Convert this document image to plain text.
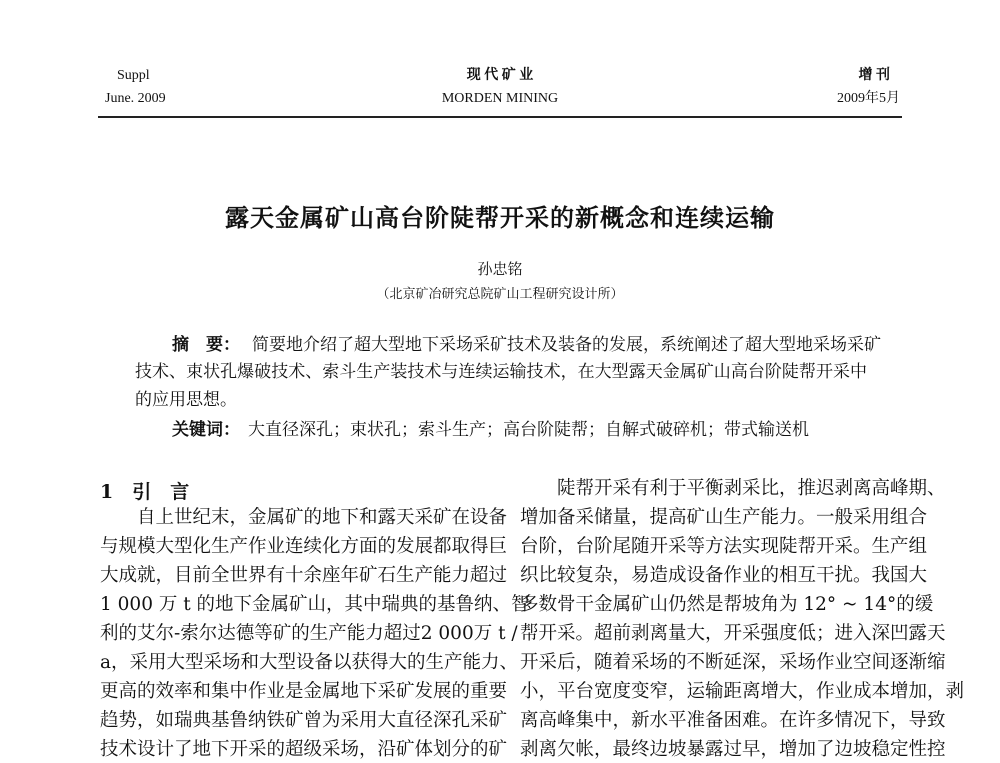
Suppl
June. 2009
现 代 矿 业
MORDEN MINING
增 刊
2009年5月
露天金属矿山高台阶陡帮开采的新概念和连续运输
孙忠铭
（北京矿冶研究总院矿山工程研究设计所）
摘　要： 简要地介绍了超大型地下采场采矿技术及装备的发展，系统阐述了超大型地采场采矿
技术、束状孔爆破技术、索斗生产装技术与连续运输技术，在大型露天金属矿山高台阶陡帮开采中
的应用思想。
关键词： 大直径深孔；束状孔；索斗生产；高台阶陡帮；自解式破碎机；带式输送机
1　引　言
　　自上世纪末，金属矿的地下和露天采矿在设备
与规模大型化生产作业连续化方面的发展都取得巨
大成就，目前全世界有十余座年矿石生产能力超过
1 000 万 t 的地下金属矿山，其中瑞典的基鲁纳、智
利的艾尔-索尔达德等矿的生产能力超过2 000万 t /
a，采用大型采场和大型设备以获得大的生产能力、
更高的效率和集中作业是金属地下采矿发展的重要
趋势，如瑞典基鲁纳铁矿曾为采用大直径深孔采矿
技术设计了地下开采的超级采场，沿矿体划分的矿
　　陡帮开采有利于平衡剥采比，推迟剥离高峰期、
增加备采储量，提高矿山生产能力。一般采用组合
台阶，台阶尾随开采等方法实现陡帮开采。生产组
织比较复杂，易造成设备作业的相互干扰。我国大
多数骨干金属矿山仍然是帮坡角为 12° ~ 14°的缓
帮开采。超前剥离量大，开采强度低；进入深凹露天
开采后，随着采场的不断延深，采场作业空间逐渐缩
小，平台宽度变窄，运输距离增大，作业成本增加，剥
离高峰集中，新水平准备困难。在许多情况下，导致
剥离欠帐，最终边坡暴露过早，增加了边坡稳定性控
